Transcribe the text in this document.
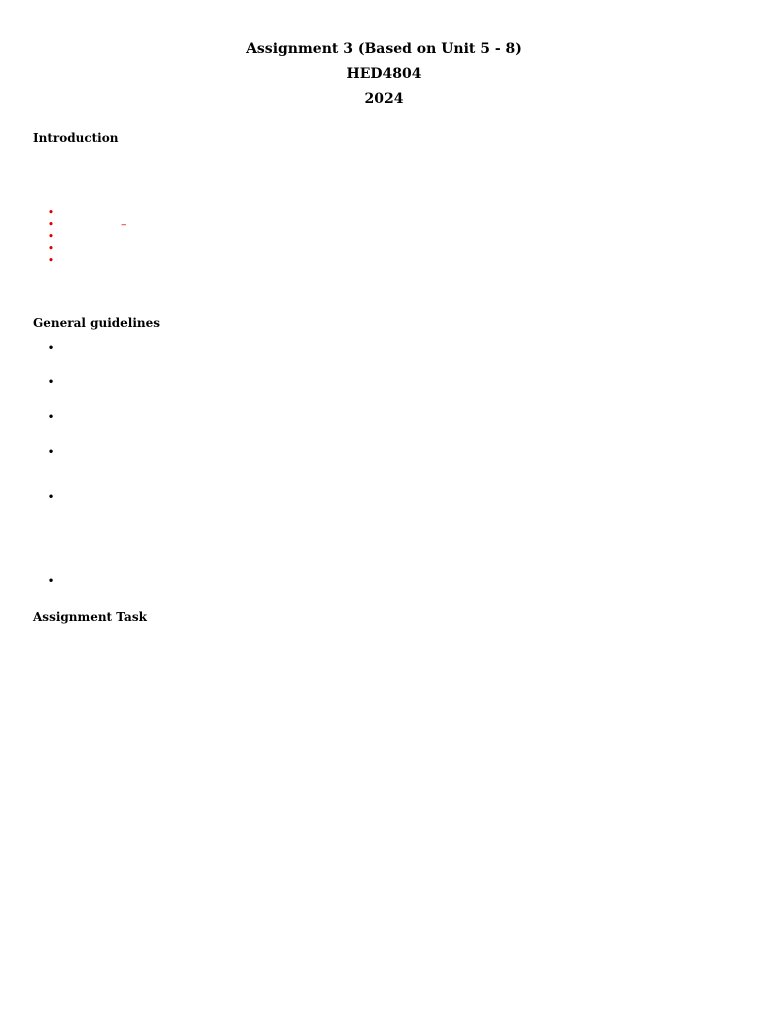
Assignment 3 (Based on Unit 5 - 8)
HED4804
2024
Introduction
•
•	–
•
•
•
General guidelines
•
•
•
•
•
•
Assignment Task
